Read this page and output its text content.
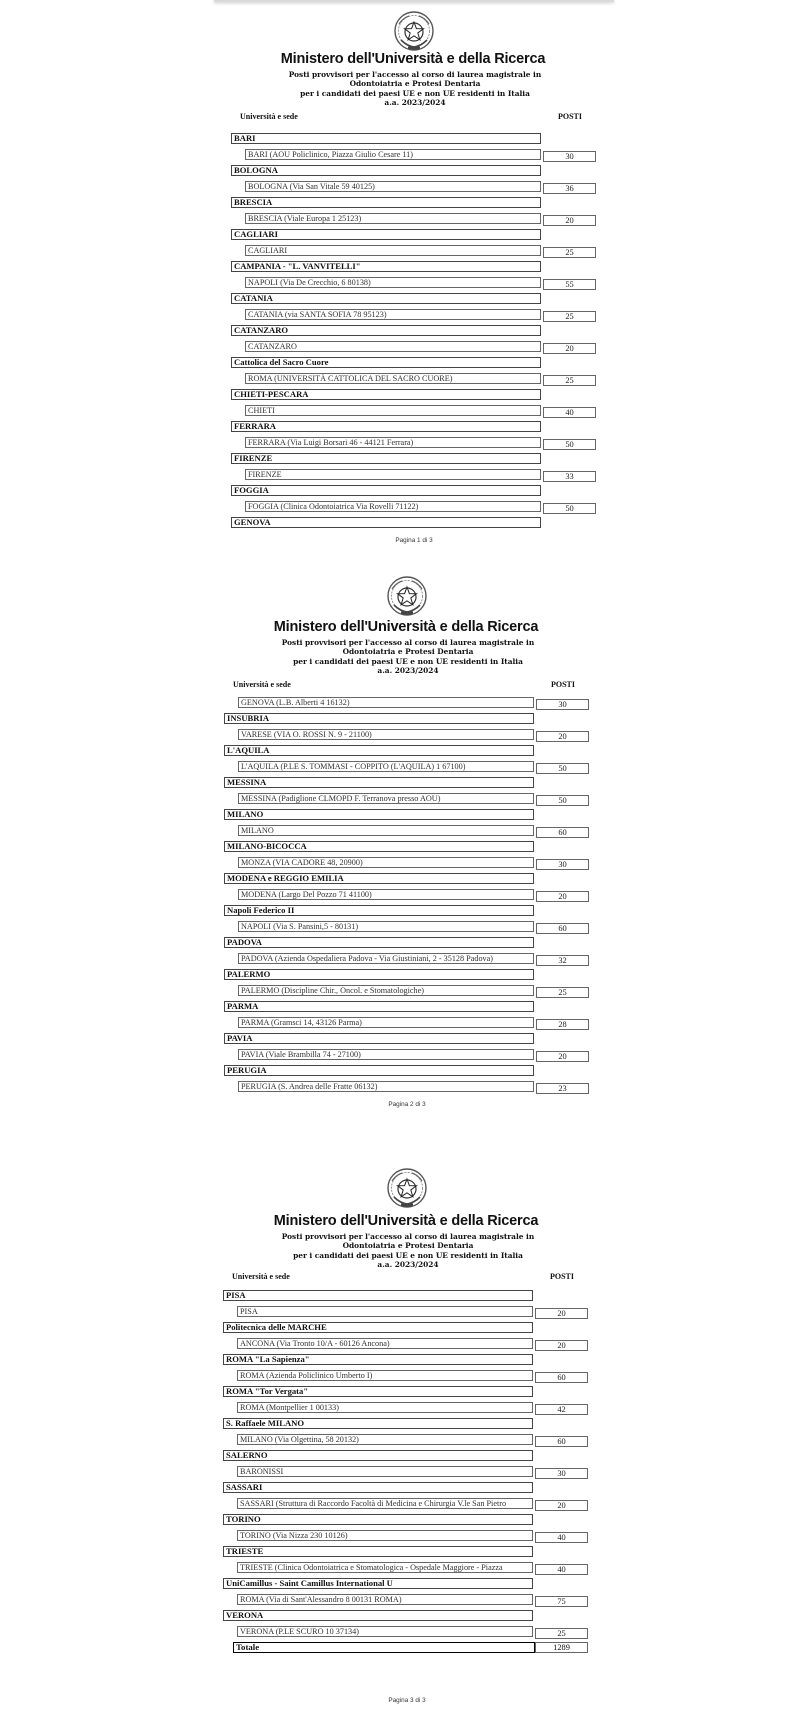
Ministero dell'Università e della Ricerca
Posti provvisori per l'accesso al corso di laurea magistrale in
Odontoiatria e Protesi Dentaria
per i candidati dei paesi UE e non UE residenti in Italia
a.a. 2023/2024
Università e sede	POSTI
BARI
BARI (AOU Policlinico, Piazza Giulio Cesare 11)	30
BOLOGNA
BOLOGNA (Via San Vitale 59 40125)	36
BRESCIA
BRESCIA (Viale Europa 1 25123)	20
CAGLIARI
CAGLIARI	25
CAMPANIA - "L. VANVITELLI"
NAPOLI (Via De Crecchio, 6 80138)	55
CATANIA
CATANIA (via SANTA SOFIA 78 95123)	25
CATANZARO
CATANZARO	20
Cattolica del Sacro Cuore
ROMA (UNIVERSITÀ CATTOLICA DEL SACRO CUORE)	25
CHIETI-PESCARA
CHIETI	40
FERRARA
FERRARA (Via Luigi Borsari 46 - 44121 Ferrara)	50
FIRENZE
FIRENZE	33
FOGGIA
FOGGIA (Clinica Odontoiatrica Via Rovelli 71122)	50
GENOVA
Pagina 1 di 3
Ministero dell'Università e della Ricerca
Posti provvisori per l'accesso al corso di laurea magistrale in
Odontoiatria e Protesi Dentaria
per i candidati dei paesi UE e non UE residenti in Italia
a.a. 2023/2024
Università e sede	POSTI
GENOVA (L.B. Alberti 4 16132)	30
INSUBRIA
VARESE (VIA O. ROSSI N. 9 - 21100)	20
L'AQUILA
L'AQUILA (P.LE S. TOMMASI - COPPITO (L'AQUILA) 1 67100)	50
MESSINA
MESSINA (Padiglione CLMOPD F. Terranova presso AOU)	50
MILANO
MILANO	60
MILANO-BICOCCA
MONZA (VIA CADORE 48, 20900)	30
MODENA e REGGIO EMILIA
MODENA (Largo Del Pozzo 71 41100)	20
Napoli Federico II
NAPOLI (Via S. Pansini,5 - 80131)	60
PADOVA
PADOVA (Azienda Ospedaliera Padova - Via Giustiniani, 2 - 35128 Padova)	32
PALERMO
PALERMO (Discipline Chir., Oncol. e Stomatologiche)	25
PARMA
PARMA (Gramsci 14, 43126 Parma)	28
PAVIA
PAVIA (Viale Brambilla 74 - 27100)	20
PERUGIA
PERUGIA (S. Andrea delle Fratte 06132)	23
Pagina 2 di 3
Ministero dell'Università e della Ricerca
Posti provvisori per l'accesso al corso di laurea magistrale in
Odontoiatria e Protesi Dentaria
per i candidati dei paesi UE e non UE residenti in Italia
a.a. 2023/2024
Università e sede	POSTI
PISA
PISA	20
Politecnica delle MARCHE
ANCONA (Via Tronto 10/A - 60126 Ancona)	20
ROMA "La Sapienza"
ROMA (Azienda Policlinico Umberto I)	60
ROMA "Tor Vergata"
ROMA (Montpellier 1 00133)	42
S. Raffaele MILANO
MILANO (Via Olgettina, 58 20132)	60
SALERNO
BARONISSI	30
SASSARI
SASSARI (Struttura di Raccordo Facoltà di Medicina e Chirurgia V.le San Pietro	20
TORINO
TORINO (Via Nizza 230 10126)	40
TRIESTE
TRIESTE (Clinica Odontoiatrica e Stomatologica - Ospedale Maggiore - Piazza	40
UniCamillus - Saint Camillus International U
ROMA (Via di Sant'Alessandro 8 00131 ROMA)	75
VERONA
VERONA (P.LE SCURO 10 37134)	25
Totale	1289
Pagina 3 di 3
